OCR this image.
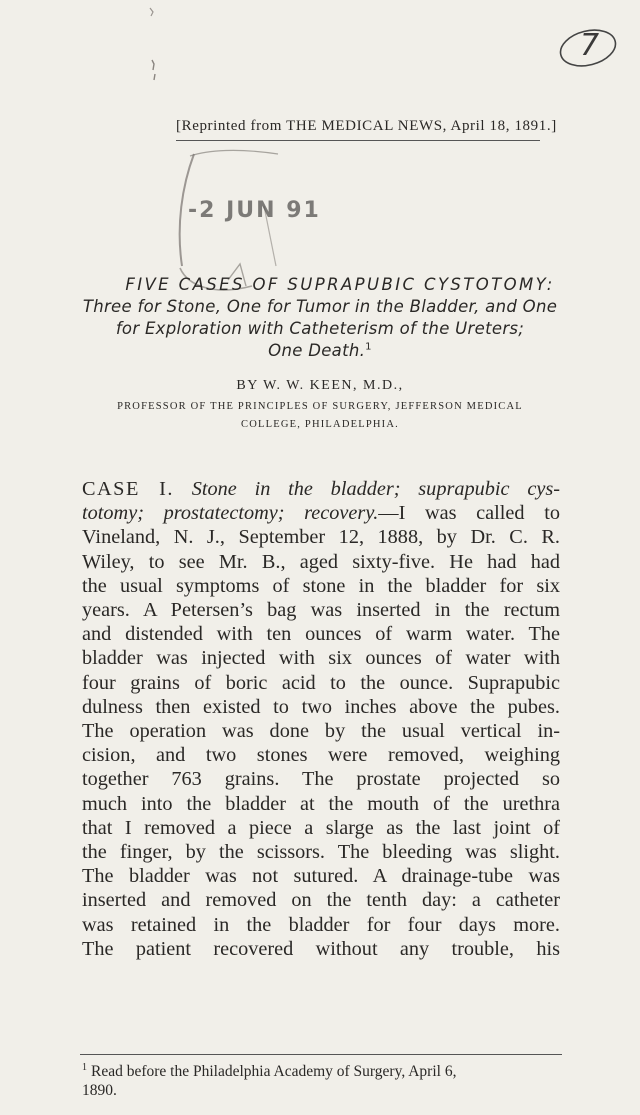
7
[Reprinted from THE MEDICAL NEWS, April 18, 1891.]
-2 JUN 91
FIVE CASES OF SUPRAPUBIC CYSTOTOMY:
Three for Stone, One for Tumor in the Bladder, and One
for Exploration with Catheterism of the Ureters;
One Death.$^1$
BY W. W. KEEN, M.D.,
PROFESSOR OF THE PRINCIPLES OF SURGERY, JEFFERSON MEDICAL
COLLEGE, PHILADELPHIA.
CASE I. Stone in the bladder; suprapubic cys-
totomy; prostatectomy; recovery.—I was called to
Vineland, N. J., September 12, 1888, by Dr. C. R.
Wiley, to see Mr. B., aged sixty-five. He had had
the usual symptoms of stone in the bladder for six
years. A Petersen’s bag was inserted in the rectum
and distended with ten ounces of warm water. The
bladder was injected with six ounces of water with
four grains of boric acid to the ounce. Suprapubic
dulness then existed to two inches above the pubes.
The operation was done by the usual vertical in-
cision, and two stones were removed, weighing
together 763 grains. The prostate projected so
much into the bladder at the mouth of the urethra
that I removed a piece a slarge as the last joint of
the finger, by the scissors. The bleeding was slight.
The bladder was not sutured. A drainage-tube was
inserted and removed on the tenth day: a catheter
was retained in the bladder for four days more.
The patient recovered without any trouble, his
$^1$ Read before the Philadelphia Academy of Surgery, April 6,
1890.
